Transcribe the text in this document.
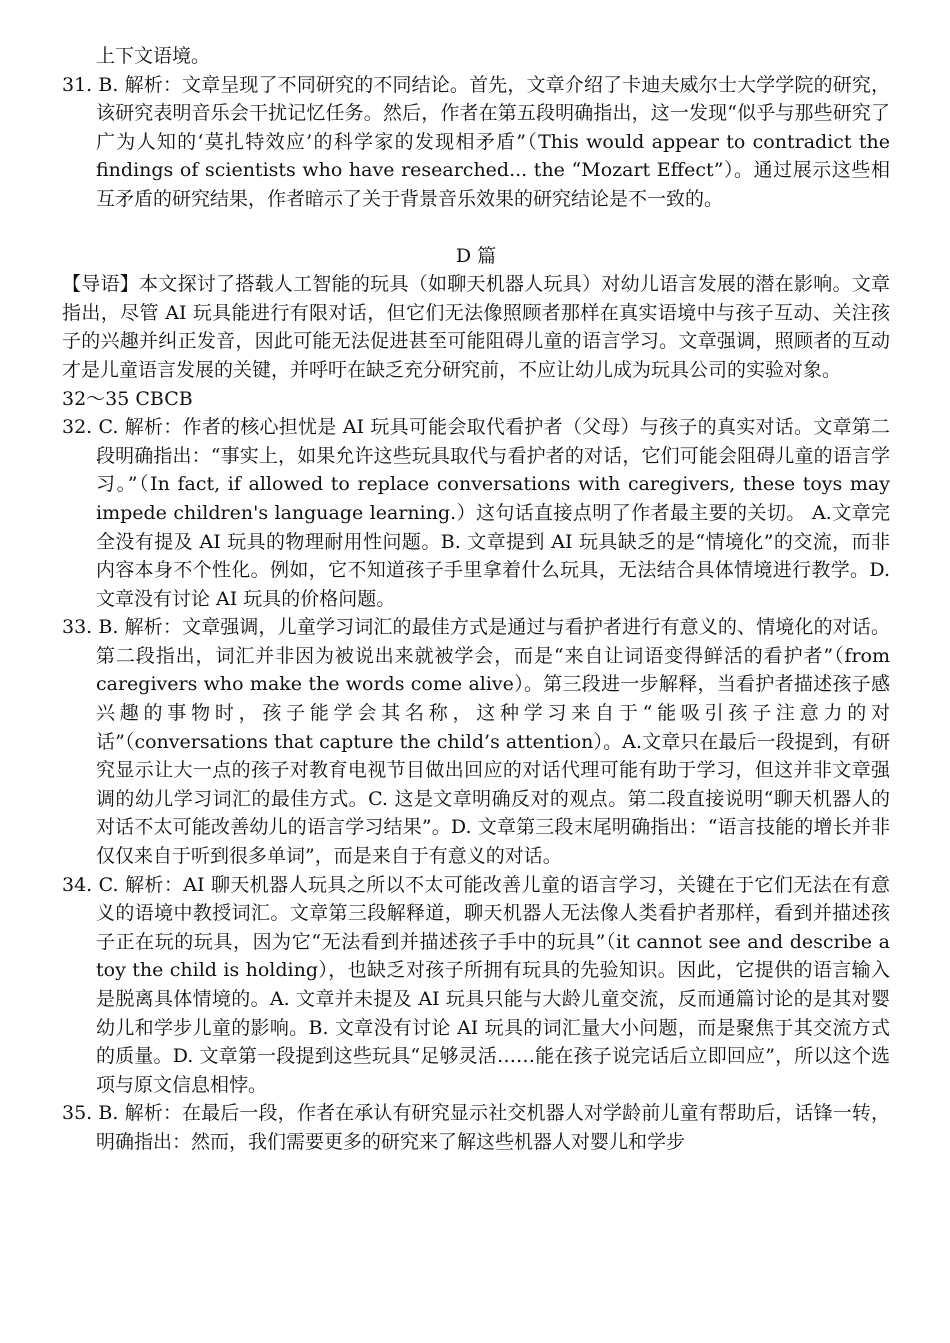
上下文语境。

31. B. 解析：文章呈现了不同研究的不同结论。首先，文章介绍了卡迪夫威尔士大学学院的研究，该研究表明音乐会干扰记忆任务。然后，作者在第五段明确指出，这一发现“似乎与那些研究了广为人知的‘莫扎特效应’的科学家的发现相矛盾”（This would appear to contradict the findings of scientists who have researched... the “Mozart Effect”）。通过展示这些相互矛盾的研究结果，作者暗示了关于背景音乐效果的研究结论是不一致的。

D 篇

【导语】本文探讨了搭载人工智能的玩具（如聊天机器人玩具）对幼儿语言发展的潜在影响。文章指出，尽管 AI 玩具能进行有限对话，但它们无法像照顾者那样在真实语境中与孩子互动、关注孩子的兴趣并纠正发音，因此可能无法促进甚至可能阻碍儿童的语言学习。文章强调，照顾者的互动才是儿童语言发展的关键，并呼吁在缺乏充分研究前，不应让幼儿成为玩具公司的实验对象。

32～35 CBCB

32. C. 解析：作者的核心担忧是 AI 玩具可能会取代看护者（父母）与孩子的真实对话。文章第二段明确指出：“事实上，如果允许这些玩具取代与看护者的对话，它们可能会阻碍儿童的语言学习。”（In fact, if allowed to replace conversations with caregivers, these toys may impede children's language learning.）这句话直接点明了作者最主要的关切。 A.文章完全没有提及 AI 玩具的物理耐用性问题。B. 文章提到 AI 玩具缺乏的是“情境化”的交流，而非内容本身不个性化。例如，它不知道孩子手里拿着什么玩具，无法结合具体情境进行教学。D. 文章没有讨论 AI 玩具的价格问题。

33. B. 解析：文章强调，儿童学习词汇的最佳方式是通过与看护者进行有意义的、情境化的对话。第二段指出，词汇并非因为被说出来就被学会，而是“来自让词语变得鲜活的看护者”（from caregivers who make the words come alive）。第三段进一步解释，当看护者描述孩子感兴趣的事物时，孩子能学会其名称，这种学习来自于“能吸引孩子注意力的对话”（conversations that capture the child’s attention）。A.文章只在最后一段提到，有研究显示让大一点的孩子对教育电视节目做出回应的对话代理可能有助于学习，但这并非文章强调的幼儿学习词汇的最佳方式。C. 这是文章明确反对的观点。第二段直接说明“聊天机器人的对话不太可能改善幼儿的语言学习结果”。D. 文章第三段末尾明确指出：“语言技能的增长并非仅仅来自于听到很多单词”，而是来自于有意义的对话。

34. C. 解析：AI 聊天机器人玩具之所以不太可能改善儿童的语言学习，关键在于它们无法在有意义的语境中教授词汇。文章第三段解释道，聊天机器人无法像人类看护者那样，看到并描述孩子正在玩的玩具，因为它“无法看到并描述孩子手中的玩具”（it cannot see and describe a toy the child is holding），也缺乏对孩子所拥有玩具的先验知识。因此，它提供的语言输入是脱离具体情境的。A. 文章并未提及 AI 玩具只能与大龄儿童交流，反而通篇讨论的是其对婴幼儿和学步儿童的影响。B. 文章没有讨论 AI 玩具的词汇量大小问题，而是聚焦于其交流方式的质量。D. 文章第一段提到这些玩具“足够灵活……能在孩子说完话后立即回应”，所以这个选项与原文信息相悖。

35. B. 解析：在最后一段，作者在承认有研究显示社交机器人对学龄前儿童有帮助后，话锋一转，明确指出：然而，我们需要更多的研究来了解这些机器人对婴儿和学步
